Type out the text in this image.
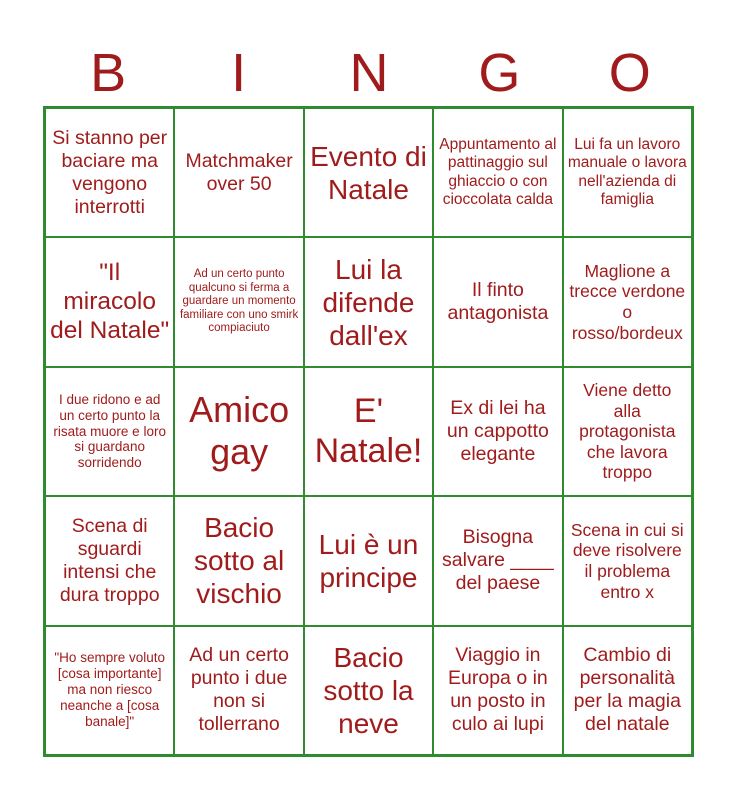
B	I	N	G	O
Si stanno per baciare ma vengono interrotti
Matchmaker over 50
Evento di Natale
Appuntamento al pattinaggio sul ghiaccio o con cioccolata calda
Lui fa un lavoro manuale o lavora nell'azienda di famiglia
"Il miracolo del Natale"
Ad un certo punto qualcuno si ferma a guardare un momento familiare con uno smirk compiaciuto
Lui la difende dall'ex
Il finto antagonista
Maglione a trecce verdone o rosso/bordeux
I due ridono e ad un certo punto la risata muore e loro si guardano sorridendo
Amico gay
E' Natale!
Ex di lei ha un cappotto elegante
Viene detto alla protagonista che lavora troppo
Scena di sguardi intensi che dura troppo
Bacio sotto al vischio
Lui è un principe
Bisogna salvare ____ del paese
Scena in cui si deve risolvere il problema entro x
"Ho sempre voluto [cosa importante] ma non riesco neanche a [cosa banale]"
Ad un certo punto i due non si tollerrano
Bacio sotto la neve
Viaggio in Europa o in un posto in culo ai lupi
Cambio di personalità per la magia del natale
